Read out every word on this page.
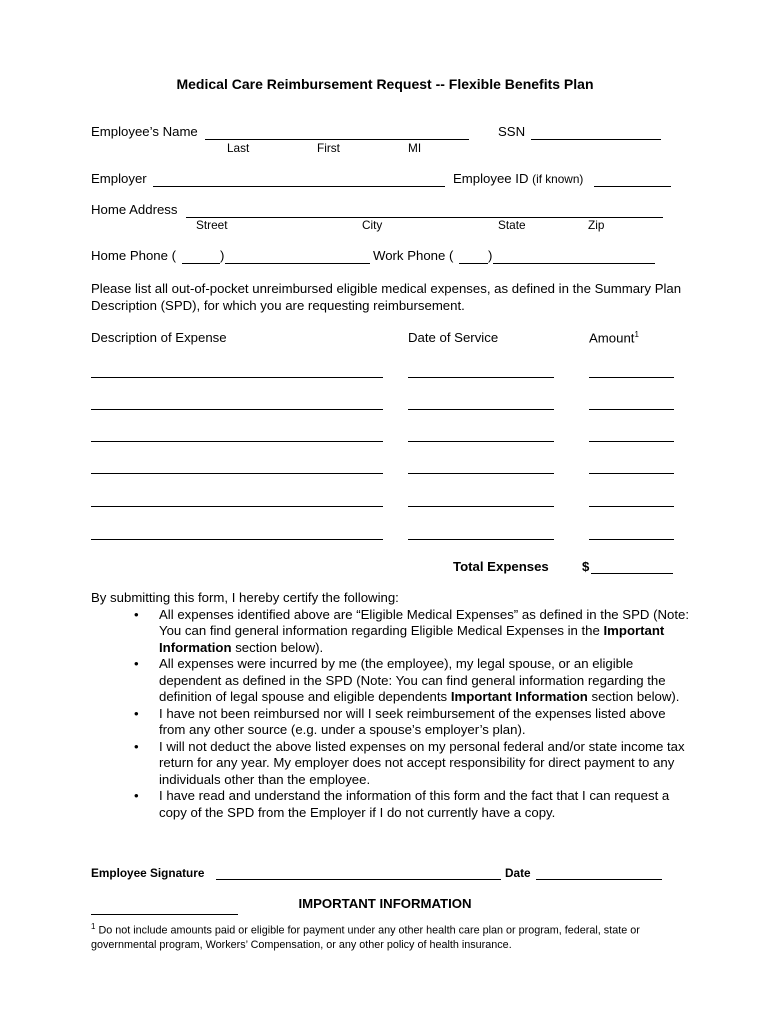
Medical Care Reimbursement Request -- Flexible Benefits Plan
Employee’s Name	SSN
Last	First	MI
Employer	Employee ID (if known)
Home Address
Street	City	State	Zip
Home Phone (	)	Work Phone (	)
Please list all out-of-pocket unreimbursed eligible medical expenses, as defined in the Summary Plan Description (SPD), for which you are requesting reimbursement.
Description of Expense	Date of Service	Amount$^1$
Total Expenses	$
By submitting this form, I hereby certify the following:
• All expenses identified above are “Eligible Medical Expenses” as defined in the SPD (Note: You can find general information regarding Eligible Medical Expenses in the Important Information section below).
• All expenses were incurred by me (the employee), my legal spouse, or an eligible dependent as defined in the SPD (Note: You can find general information regarding the definition of legal spouse and eligible dependents Important Information section below).
• I have not been reimbursed nor will I seek reimbursement of the expenses listed above from any other source (e.g. under a spouse’s employer’s plan).
• I will not deduct the above listed expenses on my personal federal and/or state income tax return for any year. My employer does not accept responsibility for direct payment to any individuals other than the employee.
• I have read and understand the information of this form and the fact that I can request a copy of the SPD from the Employer if I do not currently have a copy.
Employee Signature	Date
IMPORTANT INFORMATION
$^1$ Do not include amounts paid or eligible for payment under any other health care plan or program, federal, state or governmental program, Workers’ Compensation, or any other policy of health insurance.
